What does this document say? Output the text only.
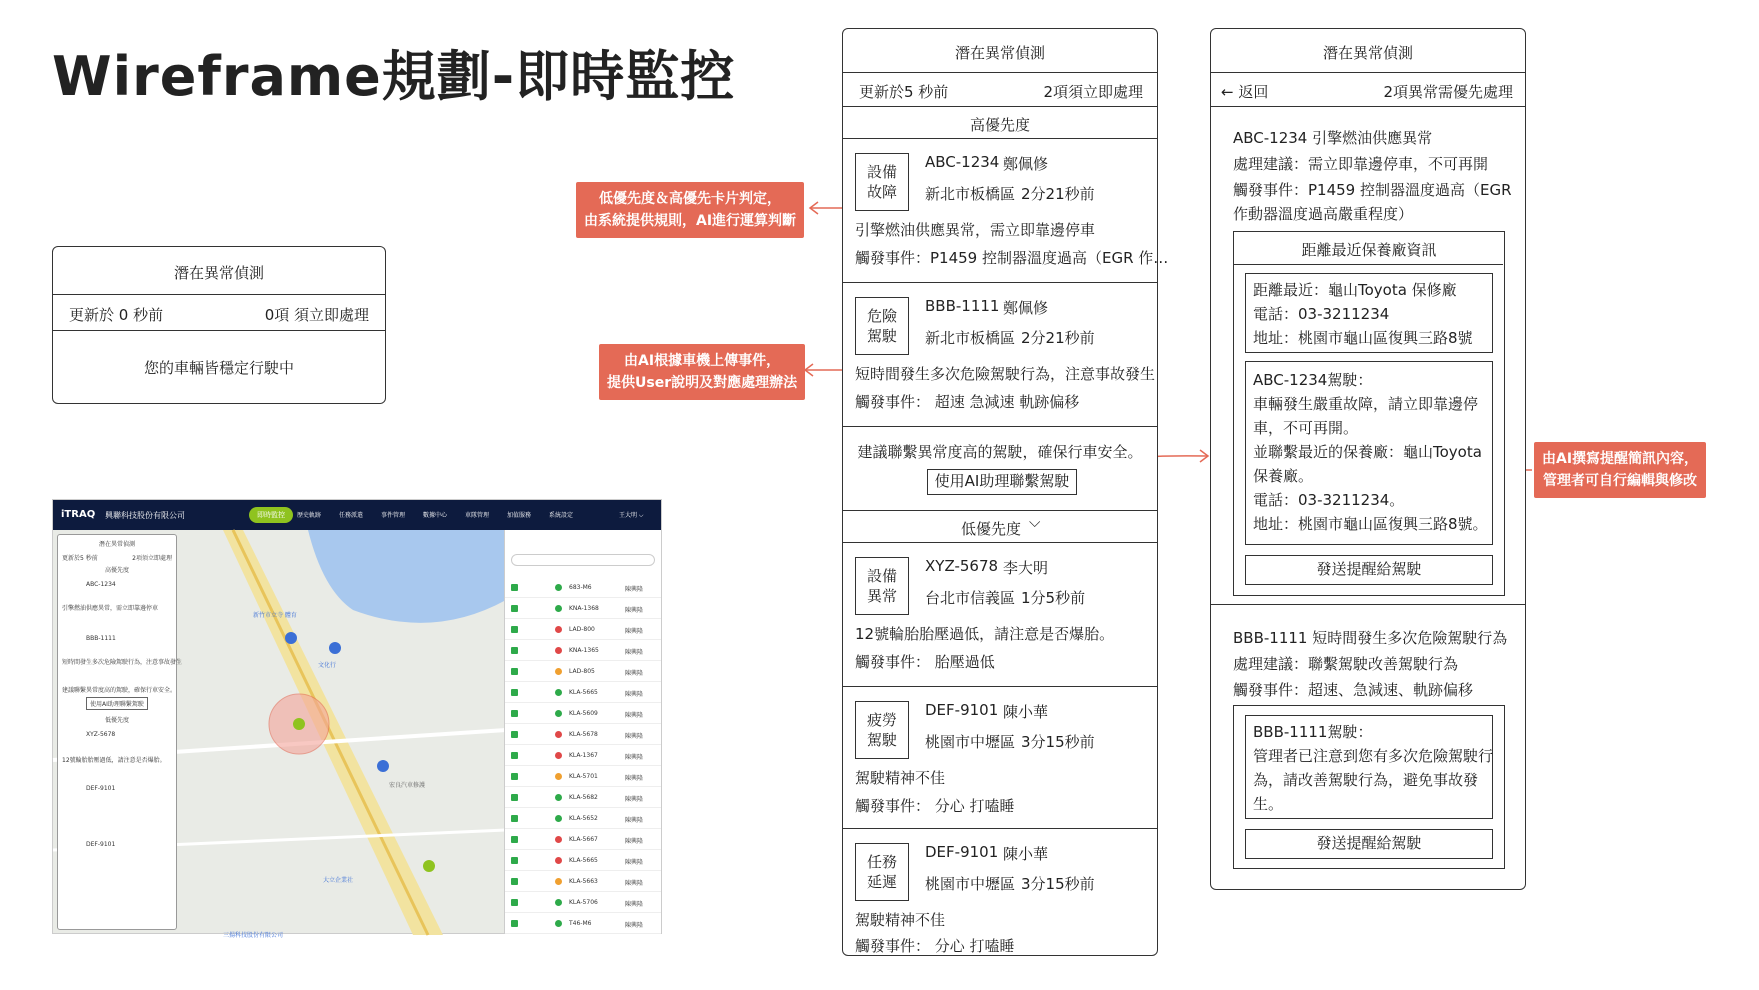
Wireframe規劃-即時監控
潛在異常偵測
更新於 0 秒前	0項 須立即處理
您的車輛皆穩定行駛中
iTRAQ 興聯科技股份有限公司	即時監控	歷史軌跡	任務派遣	事件管理	數據中心	車隊管理	加值服務	系統設定	王大明 ⌵
新竹市立寺 體育
文化行
宏良汽車修護
大立企業社
三揚科技股份有限公司
潛在異常偵測
更新於5 秒前	2項須立即處理
高優先度
ABC-1234
引擎燃油供應異常，需立即靠邊停車
BBB-1111
短時間發生多次危險駕駛行為，注意事故發生
建議聯繫異常度高的駕駛，確保行車安全。
使用AI助理聯繫駕駛
低優先度
XYZ-5678
12號輪胎胎壓過低，請注意是否爆胎。
DEF-9101
DEF-9101
683-M6	陳興隆
KNA-1368	陳興隆
LAD-800	陳興隆
KNA-1365	陳興隆
LAD-805	陳興隆
KLA-5665	陳興隆
KLA-5609	陳興隆
KLA-5678	陳興隆
KLA-1367	陳興隆
KLA-5701	陳興隆
KLA-5682	陳興隆
KLA-5652	陳興隆
KLA-5667	陳興隆
KLA-5665	陳興隆
KLA-5663	陳興隆
KLA-5706	陳興隆
T46-M6	陳興隆
低優先度＆高優先卡片判定，
由系統提供規則，AI進行運算判斷
由AI根據車機上傳事件，
提供User說明及對應處理辦法
由AI撰寫提醒簡訊內容，
管理者可自行編輯與修改
潛在異常偵測
更新於5 秒前	2項須立即處理
高優先度
設備
故障
ABC-1234 鄭佩修
新北市板橋區 2分21秒前
引擎燃油供應異常，需立即靠邊停車
觸發事件：P1459 控制器溫度過高（EGR 作…
危險
駕駛
BBB-1111 鄭佩修
新北市板橋區 2分21秒前
短時間發生多次危險駕駛行為，注意事故發生
觸發事件： 超速 急減速 軌跡偏移
建議聯繫異常度高的駕駛，確保行車安全。
使用AI助理聯繫駕駛
低優先度 ⌵
設備
異常
XYZ-5678 李大明
台北市信義區 1分5秒前
12號輪胎胎壓過低，請注意是否爆胎。
觸發事件： 胎壓過低
疲勞
駕駛
DEF-9101 陳小華
桃園市中壢區 3分15秒前
駕駛精神不佳
觸發事件： 分心 打嗑睡
任務
延遲
DEF-9101 陳小華
桃園市中壢區 3分15秒前
駕駛精神不佳
觸發事件： 分心 打嗑睡
潛在異常偵測
← 返回	2項異常需優先處理
ABC-1234 引擎燃油供應異常
處理建議：需立即靠邊停車，不可再開
觸發事件：P1459 控制器溫度過高（EGR
作動器溫度過高嚴重程度）
距離最近保養廠資訊
距離最近：龜山Toyota 保修廠
電話：03-3211234
地址：桃園市龜山區復興三路8號
ABC-1234駕駛：
車輛發生嚴重故障，請立即靠邊停
車，不可再開。
並聯繫最近的保養廠：龜山Toyota
保養廠。
電話：03-3211234。
地址：桃園市龜山區復興三路8號。
發送提醒給駕駛
BBB-1111 短時間發生多次危險駕駛行為
處理建議：聯繫駕駛改善駕駛行為
觸發事件：超速、急減速、軌跡偏移
BBB-1111駕駛：
管理者已注意到您有多次危險駕駛行
為，請改善駕駛行為，避免事故發
生。
發送提醒給駕駛
